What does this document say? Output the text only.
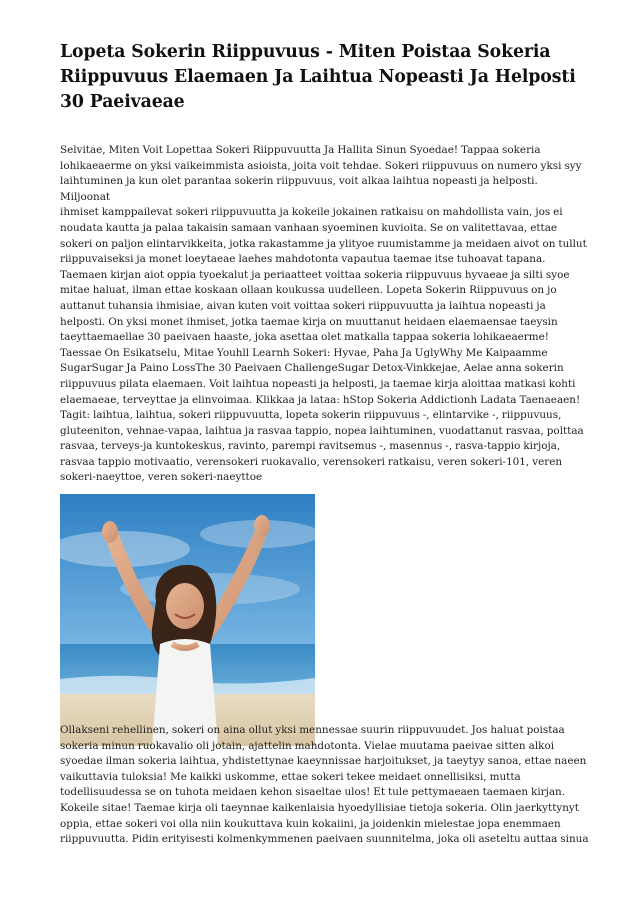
Lopeta Sokerin Riippuvuus - Miten Poistaa Sokeria Riippuvuus Elaemaen Ja Laihtua Nopeasti Ja Helposti 30 Paeivaeae

Selvitae, Miten Voit Lopettaa Sokeri Riippuvuutta Ja Hallita Sinun Syoedae! Tappaa sokeria
lohikaeaerme on yksi vaikeimmista asioista, joita voit tehdae. Sokeri riippuvuus on numero yksi syy
laihtuminen ja kun olet parantaa sokerin riippuvuus, voit alkaa laihtua nopeasti ja helposti. Miljoonat
ihmiset kamppailevat sokeri riippuvuutta ja kokeile jokainen ratkaisu on mahdollista vain, jos ei
noudata kautta ja palaa takaisin samaan vanhaan syoeminen kuvioita. Se on valitettavaa, ettae
sokeri on paljon elintarvikkeita, jotka rakastamme ja ylityoe ruumistamme ja meidaen aivot on tullut
riippuvaiseksi ja monet loeytaeae laehes mahdotonta vapautua taemae itse tuhoavat tapana.
Taemaen kirjan aiot oppia tyoekalut ja periaatteet voittaa sokeria riippuvuus hyvaeae ja silti syoe
mitae haluat, ilman ettae koskaan ollaan koukussa uudelleen. Lopeta Sokerin Riippuvuus on jo
auttanut tuhansia ihmisiae, aivan kuten voit voittaa sokeri riippuvuutta ja laihtua nopeasti ja
helposti. On yksi monet ihmiset, jotka taemae kirja on muuttanut heidaen elaemaensae taeysin
taeyttaemaellae 30 paeivaen haaste, joka asettaa olet matkalla tappaa sokeria lohikaeaerme!
Taessae On Esikatselu, Mitae Youhll Learnh Sokeri: Hyvae, Paha Ja UglyWhy Me Kaipaamme
SugarSugar Ja Paino LossThe 30 Paeivaen ChallengeSugar Detox-Vinkkejae, Aelae anna sokerin
riippuvuus pilata elaemaen. Voit laihtua nopeasti ja helposti, ja taemae kirja aloittaa matkasi kohti
elaemaeae, terveyttae ja elinvoimaa. Klikkaa ja lataa: hStop Sokeria Addictionh Ladata Taenaeaen!
Tagit: laihtua, laihtua, sokeri riippuvuutta, lopeta sokerin riippuvuus -, elintarvike -, riippuvuus,
gluteeniton, vehnae-vapaa, laihtua ja rasvaa tappio, nopea laihtuminen, vuodattanut rasvaa, polttaa
rasvaa, terveys-ja kuntokeskus, ravinto, parempi ravitsemus -, masennus -, rasva-tappio kirjoja,
rasvaa tappio motivaatio, verensokeri ruokavalio, verensokeri ratkaisu, veren sokeri-101, veren
sokeri-naeyttoe, veren sokeri-naeyttoe

Ollakseni rehellinen, sokeri on aina ollut yksi mennessae suurin riippuvuudet. Jos haluat poistaa
sokeria minun ruokavalio oli jotain, ajattelin mahdotonta. Vielae muutama paeivae sitten alkoi
syoedae ilman sokeria laihtua, yhdistettynae kaeynnissae harjoitukset, ja taeytyy sanoa, ettae naeen
vaikuttavia tuloksia! Me kaikki uskomme, ettae sokeri tekee meidaet onnellisiksi, mutta
todellisuudessa se on tuhota meidaen kehon sisaeltae ulos! Et tule pettymaeaen taemaen kirjan.
Kokeile sitae! Taemae kirja oli taeynnae kaikenlaisia hyoedyllisiae tietoja sokeria. Olin jaerkyttynyt
oppia, ettae sokeri voi olla niin koukuttava kuin kokaiini, ja joidenkin mielestae jopa enemmaen
riippuvuutta. Pidin erityisesti kolmenkymmenen paeivaen suunnitelma, joka oli aseteltu auttaa sinua
